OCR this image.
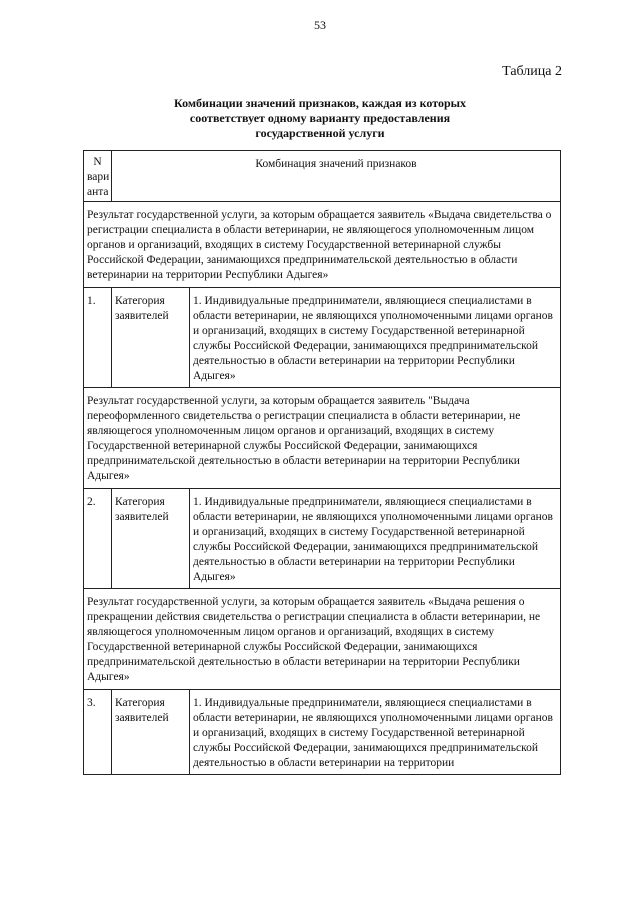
53
Таблица 2
Комбинации значений признаков, каждая из которых
соответствует одному варианту предоставления
государственной услуги
N
вари
анта	Комбинация значений признаков	
Результат государственной услуги, за которым обращается заявитель «Выдача свидетельства о регистрации специалиста в области ветеринарии, не являющегося уполномоченным лицом органов и организаций, входящих в систему Государственной ветеринарной службы Российской Федерации, занимающихся предпринимательской деятельностью в области ветеринарии на территории Республики Адыгея»		
1.	Категория заявителей	1. Индивидуальные предприниматели, являющиеся специалистами в области ветеринарии, не являющихся уполномоченными лицами органов и организаций, входящих в систему Государственной ветеринарной службы Российской Федерации, занимающихся предпринимательской деятельностью в области ветеринарии на территории Республики Адыгея»
Результат государственной услуги, за которым обращается заявитель "Выдача переоформленного свидетельства о регистрации специалиста в области ветеринарии, не являющегося уполномоченным лицом органов и организаций, входящих в систему Государственной ветеринарной службы Российской Федерации, занимающихся предпринимательской деятельностью в области ветеринарии на территории Республики Адыгея»		
2.	Категория заявителей	1. Индивидуальные предприниматели, являющиеся специалистами в области ветеринарии, не являющихся уполномоченными лицами органов и организаций, входящих в систему Государственной ветеринарной службы Российской Федерации, занимающихся предпринимательской деятельностью в области ветеринарии на территории Республики Адыгея»
Результат государственной услуги, за которым обращается заявитель «Выдача решения о прекращении действия свидетельства о регистрации специалиста в области ветеринарии, не являющегося уполномоченным лицом органов и организаций, входящих в систему Государственной ветеринарной службы Российской Федерации, занимающихся предпринимательской деятельностью в области ветеринарии на территории Республики Адыгея»		
3.	Категория заявителей	1. Индивидуальные предприниматели, являющиеся специалистами в области ветеринарии, не являющихся уполномоченными лицами органов и организаций, входящих в систему Государственной ветеринарной службы Российской Федерации, занимающихся предпринимательской деятельностью в области ветеринарии на территории
